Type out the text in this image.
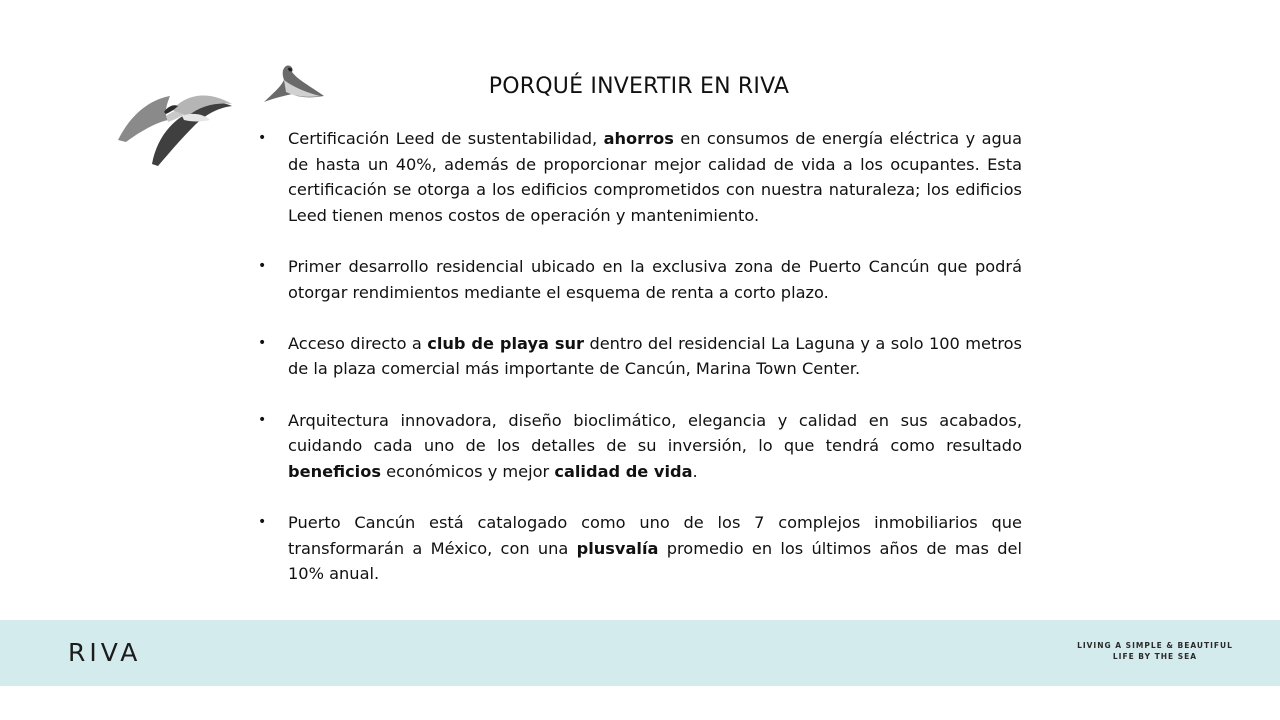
PORQUÉ INVERTIR EN RIVA
• Certificación Leed de sustentabilidad, ahorros en consumos de energía eléctrica y agua de hasta un 40%, además de proporcionar mejor calidad de vida a los ocupantes. Esta certificación se otorga a los edificios comprometidos con nuestra naturaleza; los edificios Leed tienen menos costos de operación y mantenimiento.
• Primer desarrollo residencial ubicado en la exclusiva zona de Puerto Cancún que podrá otorgar rendimientos mediante el esquema de renta a corto plazo.
• Acceso directo a club de playa sur dentro del residencial La Laguna y a solo 100 metros de la plaza comercial más importante de Cancún, Marina Town Center.
• Arquitectura innovadora, diseño bioclimático, elegancia y calidad en sus acabados, cuidando cada uno de los detalles de su inversión, lo que tendrá como resultado beneficios económicos y mejor calidad de vida.
• Puerto Cancún está catalogado como uno de los 7 complejos inmobiliarios que transformarán a México, con una plusvalía promedio en los últimos años de mas del 10% anual.
RIVA	LIVING A SIMPLE & BEAUTIFUL
LIFE BY THE SEA
